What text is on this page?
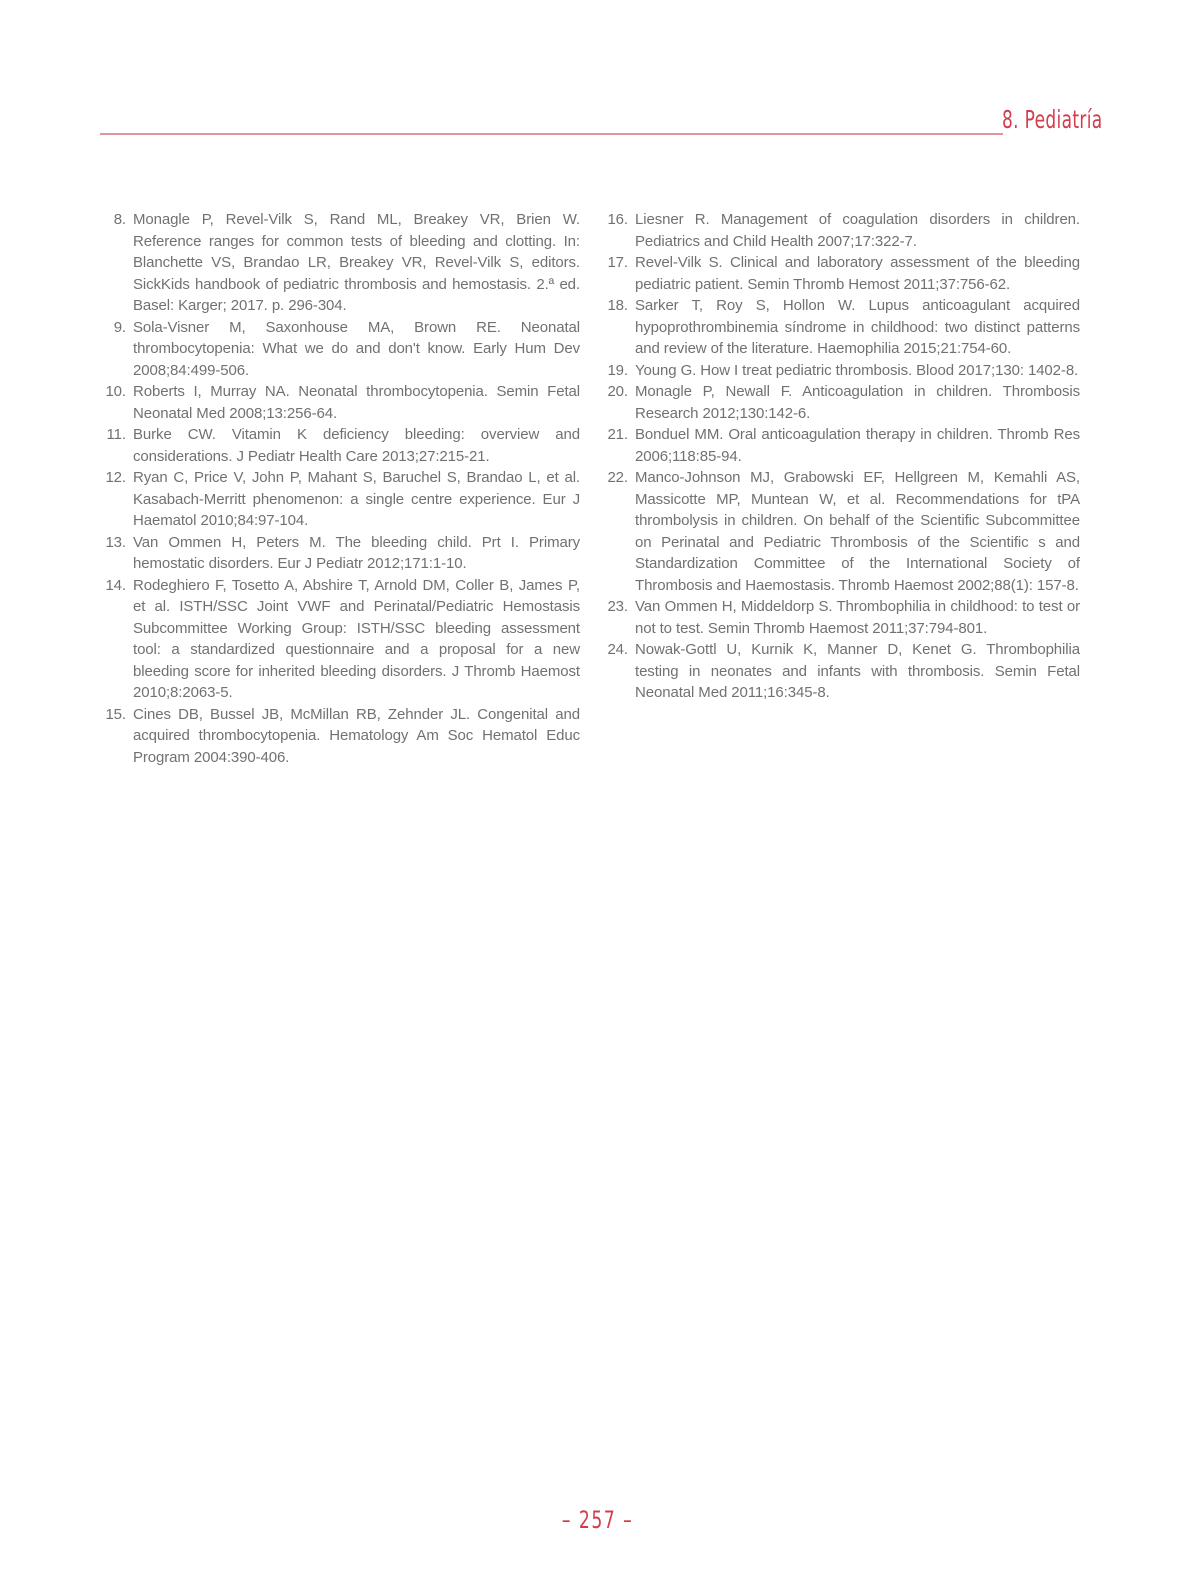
8. Pediatría
8. Monagle P, Revel-Vilk S, Rand ML, Breakey VR, Brien W. Reference ranges for common tests of bleeding and clotting. In: Blanchette VS, Brandao LR, Breakey VR, Revel-Vilk S, editors. SickKids handbook of pediatric thrombosis and hemostasis. 2.ª ed. Basel: Karger; 2017. p. 296-304.
9. Sola-Visner M, Saxonhouse MA, Brown RE. Neonatal thrombocytopenia: What we do and don't know. Early Hum Dev 2008;84:499-506.
10. Roberts I, Murray NA. Neonatal thrombocytopenia. Semin Fetal Neonatal Med 2008;13:256-64.
11. Burke CW. Vitamin K deficiency bleeding: overview and considerations. J Pediatr Health Care 2013;27:215-21.
12. Ryan C, Price V, John P, Mahant S, Baruchel S, Brandao L, et al. Kasabach-Merritt phenomenon: a single centre experience. Eur J Haematol 2010;84:97-104.
13. Van Ommen H, Peters M. The bleeding child. Prt I. Primary hemostatic disorders. Eur J Pediatr 2012;171:1-10.
14. Rodeghiero F, Tosetto A, Abshire T, Arnold DM, Coller B, James P, et al. ISTH/SSC Joint VWF and Perinatal/Pediatric Hemostasis Subcommittee Working Group: ISTH/SSC bleeding assessment tool: a standardized questionnaire and a proposal for a new bleeding score for inherited bleeding disorders. J Thromb Haemost 2010;8:2063-5.
15. Cines DB, Bussel JB, McMillan RB, Zehnder JL. Congenital and acquired thrombocytopenia. Hematology Am Soc Hematol Educ Program 2004:390-406.
16. Liesner R. Management of coagulation disorders in children. Pediatrics and Child Health 2007;17:322-7.
17. Revel-Vilk S. Clinical and laboratory assessment of the bleeding pediatric patient. Semin Thromb Hemost 2011;37:756-62.
18. Sarker T, Roy S, Hollon W. Lupus anticoagulant acquired hypoprothrombinemia síndrome in childhood: two distinct patterns and review of the literature. Haemophilia 2015;21:754-60.
19. Young G. How I treat pediatric thrombosis. Blood 2017;130: 1402-8.
20. Monagle P, Newall F. Anticoagulation in children. Thrombosis Research 2012;130:142-6.
21. Bonduel MM. Oral anticoagulation therapy in children. Thromb Res 2006;118:85-94.
22. Manco-Johnson MJ, Grabowski EF, Hellgreen M, Kemahli AS, Massicotte MP, Muntean W, et al. Recommendations for tPA thrombolysis in children. On behalf of the Scientific Subcommittee on Perinatal and Pediatric Thrombosis of the Scientific s and Standardization Committee of the International Society of Thrombosis and Haemostasis. Thromb Haemost 2002;88(1): 157-8.
23. Van Ommen H, Middeldorp S. Thrombophilia in childhood: to test or not to test. Semin Thromb Haemost 2011;37:794-801.
24. Nowak-Gottl U, Kurnik K, Manner D, Kenet G. Thrombophilia testing in neonates and infants with thrombosis. Semin Fetal Neonatal Med 2011;16:345-8.
– 257 –
